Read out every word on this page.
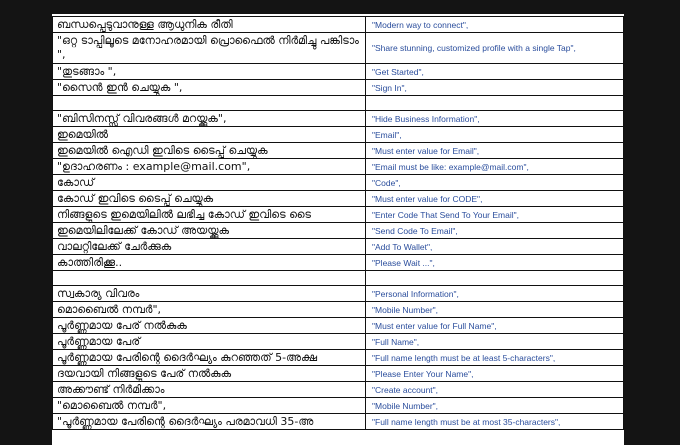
ബന്ധപ്പെടുവാനുള്ള ആധുനിക രീതി	"Modern way to connect",

"ഒറ്റ ടാപ്പിലൂടെ മനോഹരമായി പ്രൊഫൈൽ നിർമിച്ചു പങ്കിടാം ",	"Share stunning, customized profile with a single Tap",
"തുടങ്ങാം ",	"Get Started",
"സൈൻ ഇൻ ചെയ്യുക ",	"Sign In",

"ബിസിനസ്സ് വിവരങ്ങൾ മറയ്ക്കുക",	"Hide Business Information",
ഇമെയിൽ	"Email",
ഇമെയിൽ ഐഡി ഇവിടെ ടൈപ്പ് ചെയ്യുക	"Must enter value for Email",
"ഉദാഹരണം : example@mail.com",	"Email must be like: example@mail.com",
കോഡ്	"Code",
കോഡ് ഇവിടെ ടൈപ്പ് ചെയ്യുക	"Must enter value for CODE",
നിങ്ങളുടെ ഇമെയിലിൽ ലഭിച്ച കോഡ് ഇവിടെ ടൈ	"Enter Code That Send To Your Email",
ഇമെയിലിലേക്ക് കോഡ് അയയ്ക്കുക	"Send Code To Email",
വാലറ്റിലേക്ക് ചേർക്കുക	"Add To Wallet",
കാത്തിരിക്കൂ..	"Please Wait ...",

സ്വകാര്യ വിവരം	"Personal Information",
മൊബൈൽ നമ്പർ",	"Mobile Number",
പൂർണ്ണമായ പേര് നൽകുക	"Must enter value for Full Name",
പൂർണ്ണമായ പേര്	"Full Name",
പൂർണ്ണമായ പേരിന്റെ ദൈർഘ്യം കുറഞ്ഞത് 5-അക്ഷ	"Full name length must be at least 5-characters",
ദയവായി നിങ്ങളുടെ പേര് നൽകുക	"Please Enter Your Name",
അക്കൗണ്ട് നിർമിക്കാം	"Create account",
"മൊബൈൽ നമ്പർ",	"Mobile Number",
"പൂർണ്ണമായ പേരിന്റെ ദൈർഘ്യം പരമാവധി 35-അ	"Full name length must be at most 35-characters",
